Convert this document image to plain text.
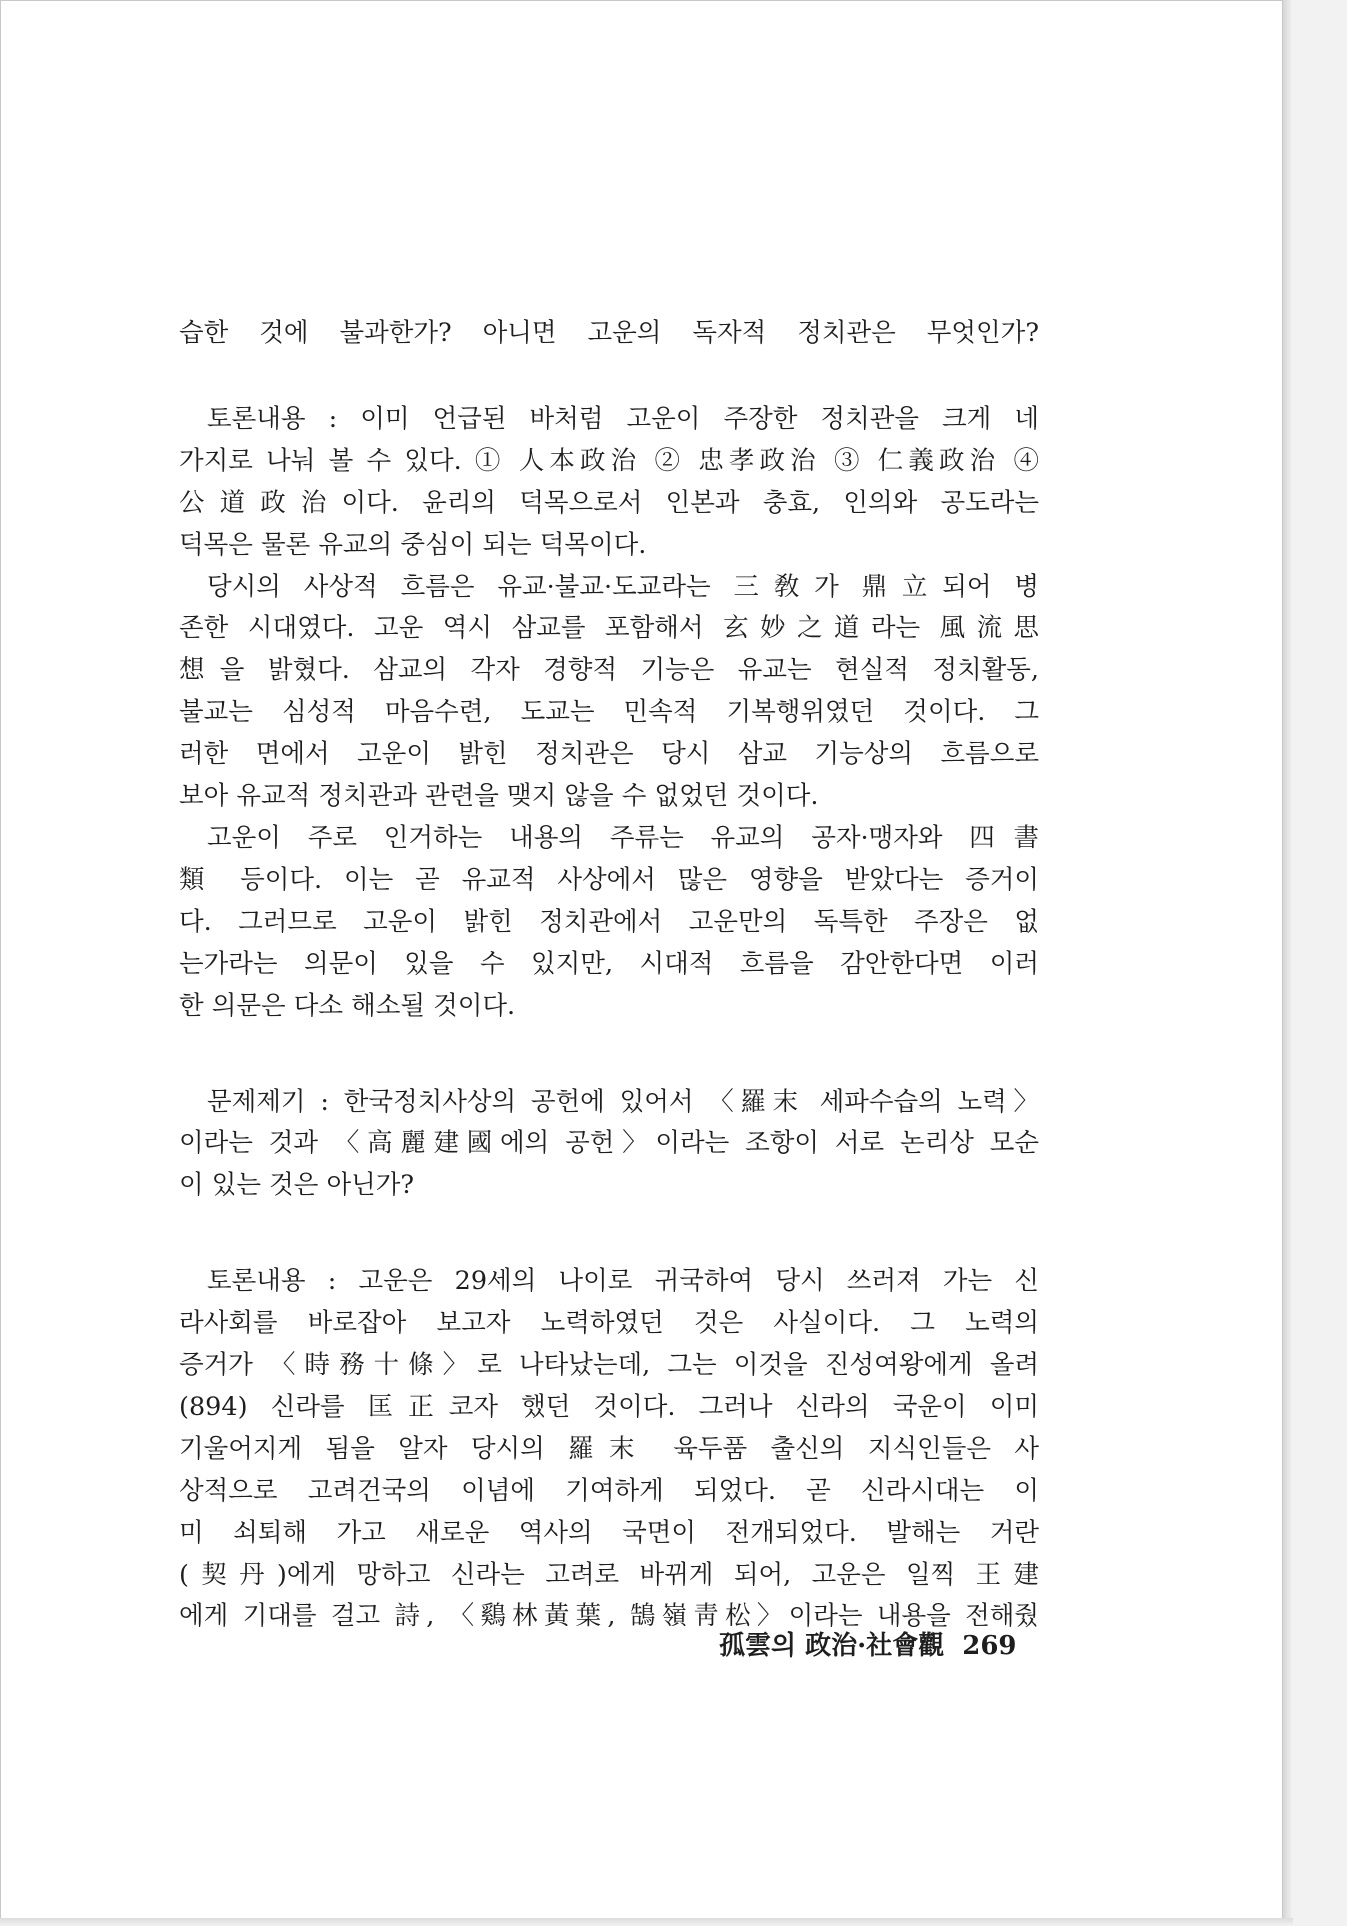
습한 것에 불과한가? 아니면 고운의 독자적 정치관은 무엇인가?

토론내용 : 이미 언급된 바처럼 고운이 주장한 정치관을 크게 네

가지로 나눠 볼 수 있다. ① 人本政治 ② 忠孝政治 ③ 仁義政治 ④
公道政治이다. 윤리의 덕목으로서 인본과 충효, 인의와 공도라는
덕목은 물론 유교의 중심이 되는 덕목이다.

당시의 사상적 흐름은 유교·불교·도교라는 三敎가 鼎立되어 병

존한 시대였다. 고운 역시 삼교를 포함해서 玄妙之道라는 風流思
想을 밝혔다. 삼교의 각자 경향적 기능은 유교는 현실적 정치활동,
불교는 심성적 마음수련, 도교는 민속적 기복행위였던 것이다. 그
러한 면에서 고운이 밝힌 정치관은 당시 삼교 기능상의 흐름으로
보아 유교적 정치관과 관련을 맺지 않을 수 없었던 것이다.

고운이 주로 인거하는 내용의 주류는 유교의 공자·맹자와 四書

類 등이다. 이는 곧 유교적 사상에서 많은 영향을 받았다는 증거이
다. 그러므로 고운이 밝힌 정치관에서 고운만의 독특한 주장은 없
는가라는 의문이 있을 수 있지만, 시대적 흐름을 감안한다면 이러
한 의문은 다소 해소될 것이다.

문제제기 : 한국정치사상의 공헌에 있어서 〈羅末 세파수습의 노력〉

이라는 것과 〈高麗建國에의 공헌〉이라는 조항이 서로 논리상 모순
이 있는 것은 아닌가?

토론내용 : 고운은 29세의 나이로 귀국하여 당시 쓰러져 가는 신

라사회를 바로잡아 보고자 노력하였던 것은 사실이다. 그 노력의
증거가 〈時務十條〉로 나타났는데, 그는 이것을 진성여왕에게 올려
(894) 신라를 匡正코자 했던 것이다. 그러나 신라의 국운이 이미
기울어지게 됨을 알자 당시의 羅末 육두품 출신의 지식인들은 사
상적으로 고려건국의 이념에 기여하게 되었다. 곧 신라시대는 이
미 쇠퇴해 가고 새로운 역사의 국면이 전개되었다. 발해는 거란
(契丹)에게 망하고 신라는 고려로 바뀌게 되어, 고운은 일찍 王建
에게 기대를 걸고 詩, 〈鷄林黃葉, 鵠嶺靑松〉이라는 내용을 전해줬
孤雲의 政治·社會觀 269
